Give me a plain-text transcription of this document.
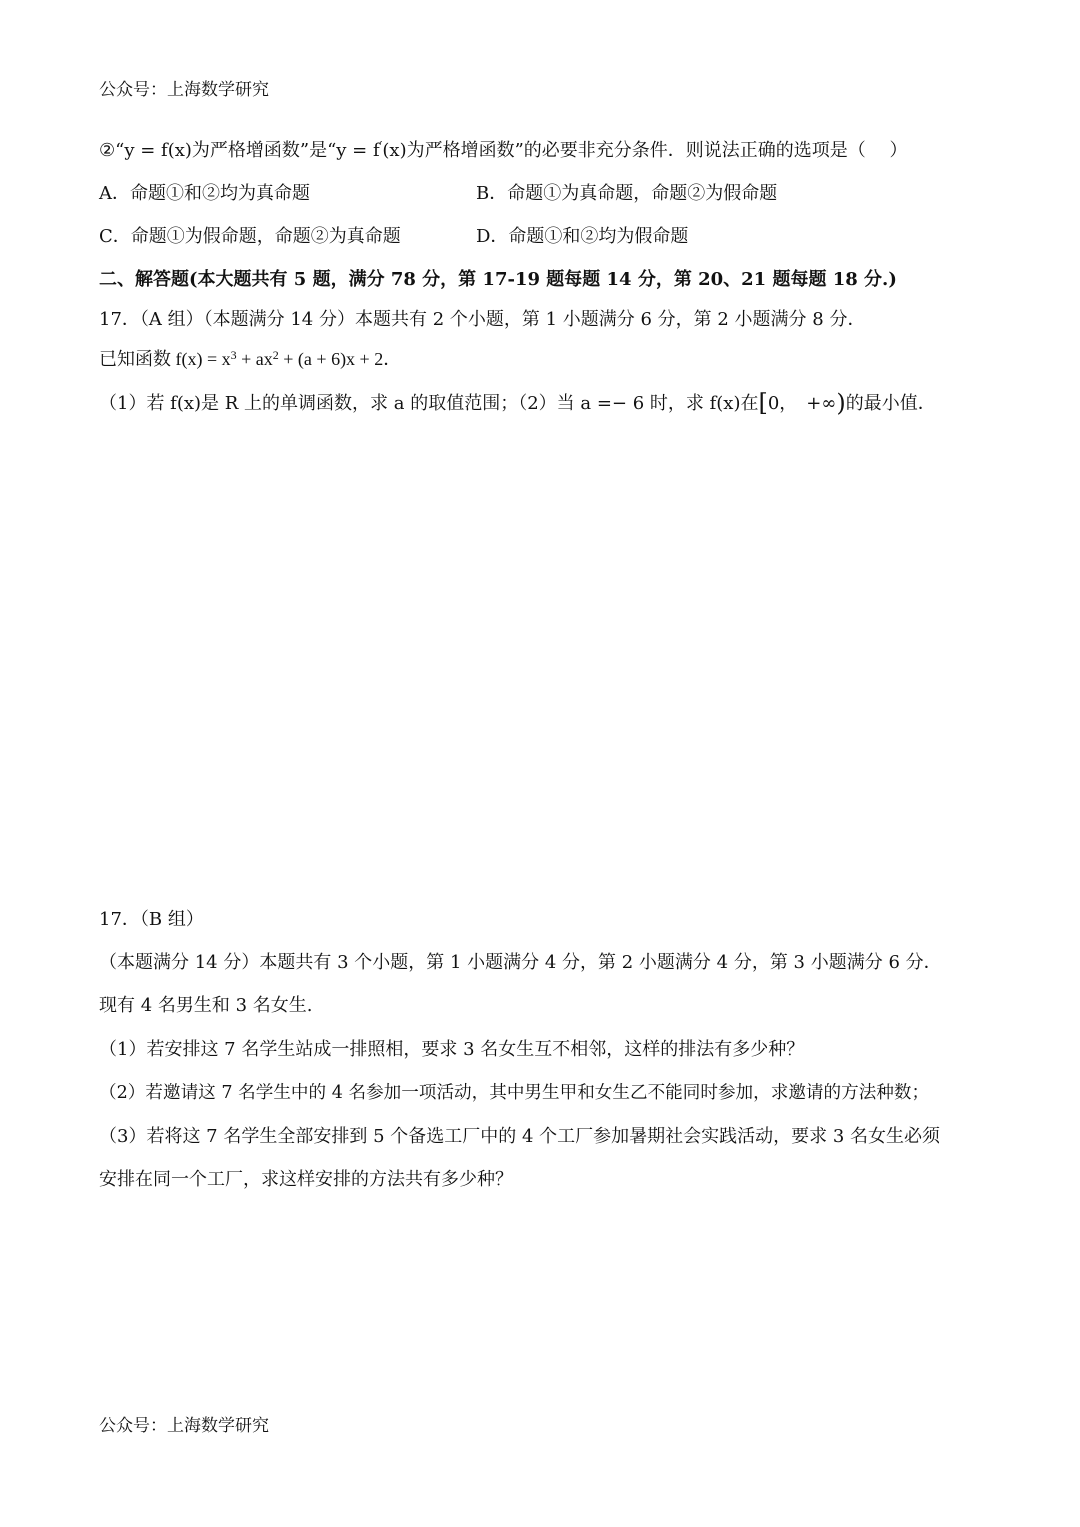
公众号：上海数学研究
②“y = f(x)为严格增函数”是“y = f′(x)为严格增函数”的必要非充分条件．则说法正确的选项是（　 ）
A．命题①和②均为真命题	B．命题①为真命题，命题②为假命题
C．命题①为假命题，命题②为真命题	D．命题①和②均为假命题
二、解答题(本大题共有 5 题，满分 78 分，第 17-19 题每题 14 分，第 20、21 题每题 18 分.)
17．（A 组）（本题满分 14 分）本题共有 2 个小题，第 1 小题满分 6 分，第 2 小题满分 8 分．
已知函数 $f(x) = x^3 + ax^2 + (a + 6)x + 2$．
（1）若 f(x)是 R 上的单调函数，求 a 的取值范围；（2）当 a =− 6 时，求 f(x)在[0，　+∞)的最小值．
17．（B 组）
（本题满分 14 分）本题共有 3 个小题，第 1 小题满分 4 分，第 2 小题满分 4 分，第 3 小题满分 6 分．
现有 4 名男生和 3 名女生.
（1）若安排这 7 名学生站成一排照相，要求 3 名女生互不相邻，这样的排法有多少种？
（2）若邀请这 7 名学生中的 4 名参加一项活动，其中男生甲和女生乙不能同时参加，求邀请的方法种数；
（3）若将这 7 名学生全部安排到 5 个备选工厂中的 4 个工厂参加暑期社会实践活动，要求 3 名女生必须
安排在同一个工厂，求这样安排的方法共有多少种？
公众号：上海数学研究
